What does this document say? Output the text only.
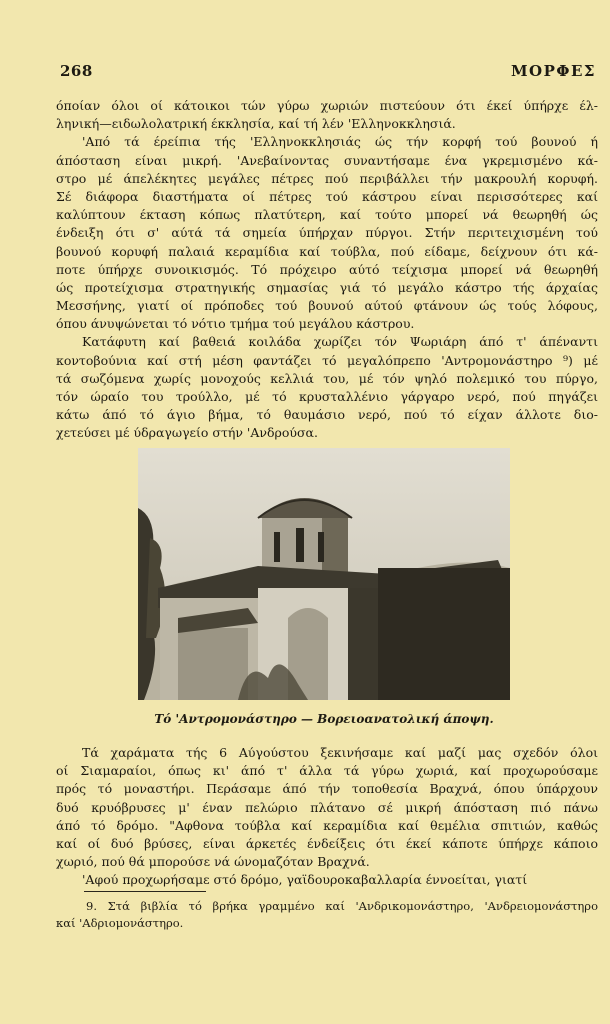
268	ΜΟΡΦΕΣ
όποίαν όλοι οί κάτοικοι τών γύρω χωριών πιστεύουν ότι έκεί ύπήρχε έλ-
ληνική—ειδωλολατρική έκκλησία, καί τή λέν 'Ελληνοκκλησιά.
'Από τά έρείπια τής 'Ελληνοκκλησιάς ώς τήν κορφή τού βουνού ή
άπόσταση είναι μικρή. 'Ανεβαίνοντας συναντήσαμε ένα γκρεμισμένο κά-
στρο μέ άπελέκητες μεγάλες πέτρες πού περιβάλλει τήν μακρουλή κορυφή.
Σέ διάφορα διαστήματα οί πέτρες τού κάστρου είναι περισσότερες καί
καλύπτουν έκταση κόπως πλατύτερη, καί τούτο μπορεί νά θεωρηθή ώς
ένδειξη ότι σ' αύτά τά σημεία ύπήρχαν πύργοι. Στήν περιτειχισμένη τού
βουνού κορυφή παλαιά κεραμίδια καί τούβλα, πού είδαμε, δείχνουν ότι κά-
ποτε ύπήρχε συνοικισμός. Τό πρόχειρο αύτό τείχισμα μπορεί νά θεωρηθή
ώς προτείχισμα στρατηγικής σημασίας γιά τό μεγάλο κάστρο τής άρχαίας
Μεσσήνης, γιατί οί πρόποδες τού βουνού αύτού φτάνουν ώς τούς λόφους,
όπου άνυψώνεται τό νότιο τμήμα τού μεγάλου κάστρου.
Κατάφυτη καί βαθειά κοιλάδα χωρίζει τόν Ψωριάρη άπό τ' άπέναντι
κοντοβούνια καί στή μέση φαντάζει τό μεγαλόπρεπο 'Αντρομονάστηρο ⁹) μέ
τά σωζόμενα χωρίς μονοχούς κελλιά του, μέ τόν ψηλό πολεμικό του πύργο,
τόν ώραίο του τρούλλο, μέ τό κρυσταλλένιο γάργαρο νερό, πού πηγάζει
κάτω άπό τό άγιο βήμα, τό θαυμάσιο νερό, πού τό είχαν άλλοτε διο-
χετεύσει μέ ύδραγωγείο στήν 'Ανδρούσα.
Τό 'Αντρομονάστηρο — Βορειοανατολική άποψη.
Τά χαράματα τής 6 Αύγούστου ξεκινήσαμε καί μαζί μας σχεδόν όλοι
οί Σιαμαραίοι, όπως κι' άπό τ' άλλα τά γύρω χωριά, καί προχωρούσαμε
πρός τό μοναστήρι. Περάσαμε άπό τήν τοποθεσία Βραχνά, όπου ύπάρχουν
δυό κρυόβρυσες μ' έναν πελώριο πλάτανο σέ μικρή άπόσταση πιό πάνω
άπό τό δρόμο. "Αφθονα τούβλα καί κεραμίδια καί θεμέλια σπιτιών, καθώς
καί οί δυό βρύσες, είναι άρκετές ένδείξεις ότι έκεί κάποτε ύπήρχε κάποιο
χωριό, πού θά μπορούσε νά ώνομαζόταν Βραχνά.
'Αφού προχωρήσαμε στό δρόμο, γαϊδουροκαβαλλαρία έννοείται, γιατί
9. Στά βιβλία τό βρήκα γραμμένο καί 'Ανδρικομονάστηρο, 'Ανδρειομονάστηρο
καί 'Αδριομονάστηρο.
